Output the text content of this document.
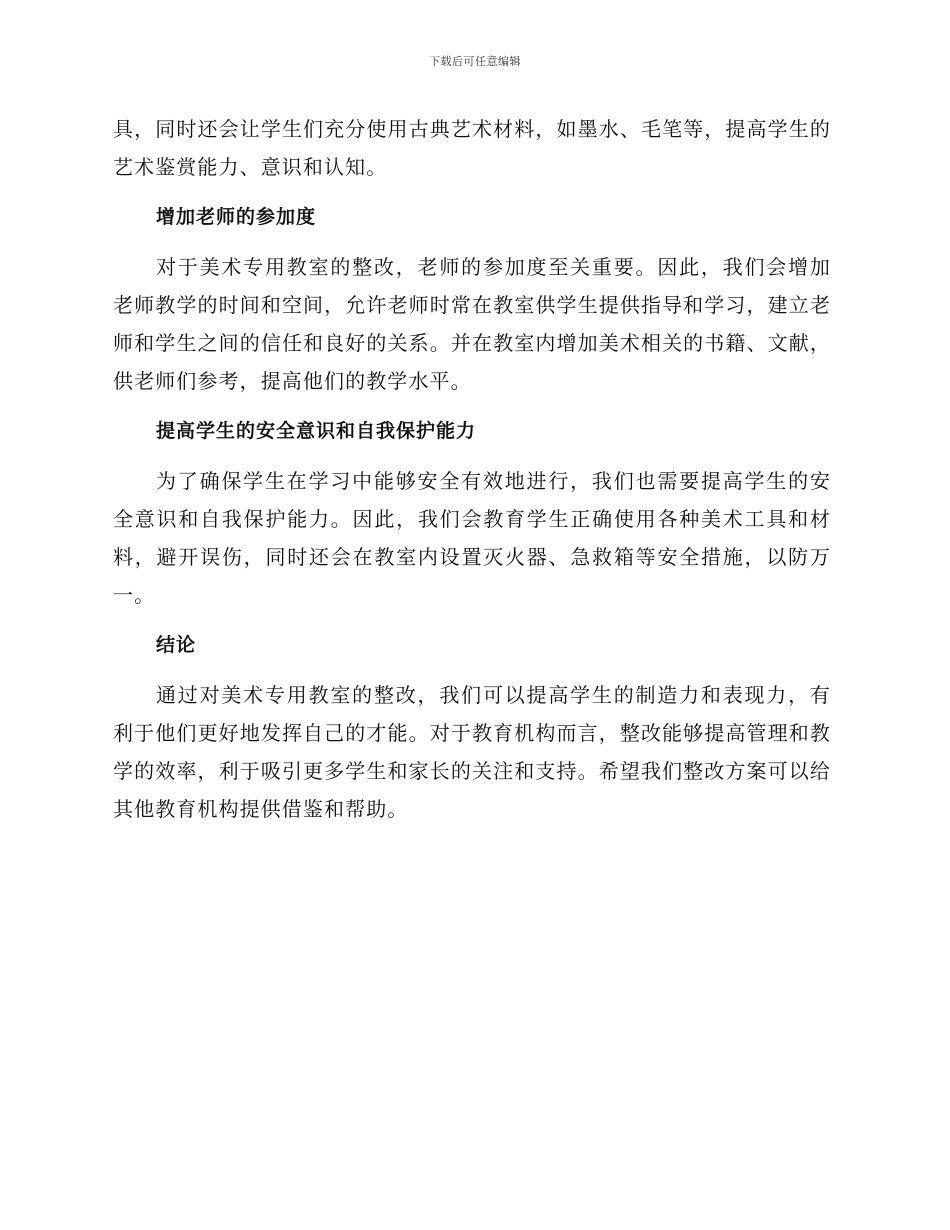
下载后可任意编辑

具，同时还会让学生们充分使用古典艺术材料，如墨水、毛笔等，提高学生的艺术鉴赏能力、意识和认知。

增加老师的参加度

对于美术专用教室的整改，老师的参加度至关重要。因此，我们会增加老师教学的时间和空间，允许老师时常在教室供学生提供指导和学习，建立老师和学生之间的信任和良好的关系。并在教室内增加美术相关的书籍、文献，供老师们参考，提高他们的教学水平。

提高学生的安全意识和自我保护能力

为了确保学生在学习中能够安全有效地进行，我们也需要提高学生的安全意识和自我保护能力。因此，我们会教育学生正确使用各种美术工具和材料，避开误伤，同时还会在教室内设置灭火器、急救箱等安全措施，以防万一。

结论

通过对美术专用教室的整改，我们可以提高学生的制造力和表现力，有利于他们更好地发挥自己的才能。对于教育机构而言，整改能够提高管理和教学的效率，利于吸引更多学生和家长的关注和支持。希望我们整改方案可以给其他教育机构提供借鉴和帮助。
